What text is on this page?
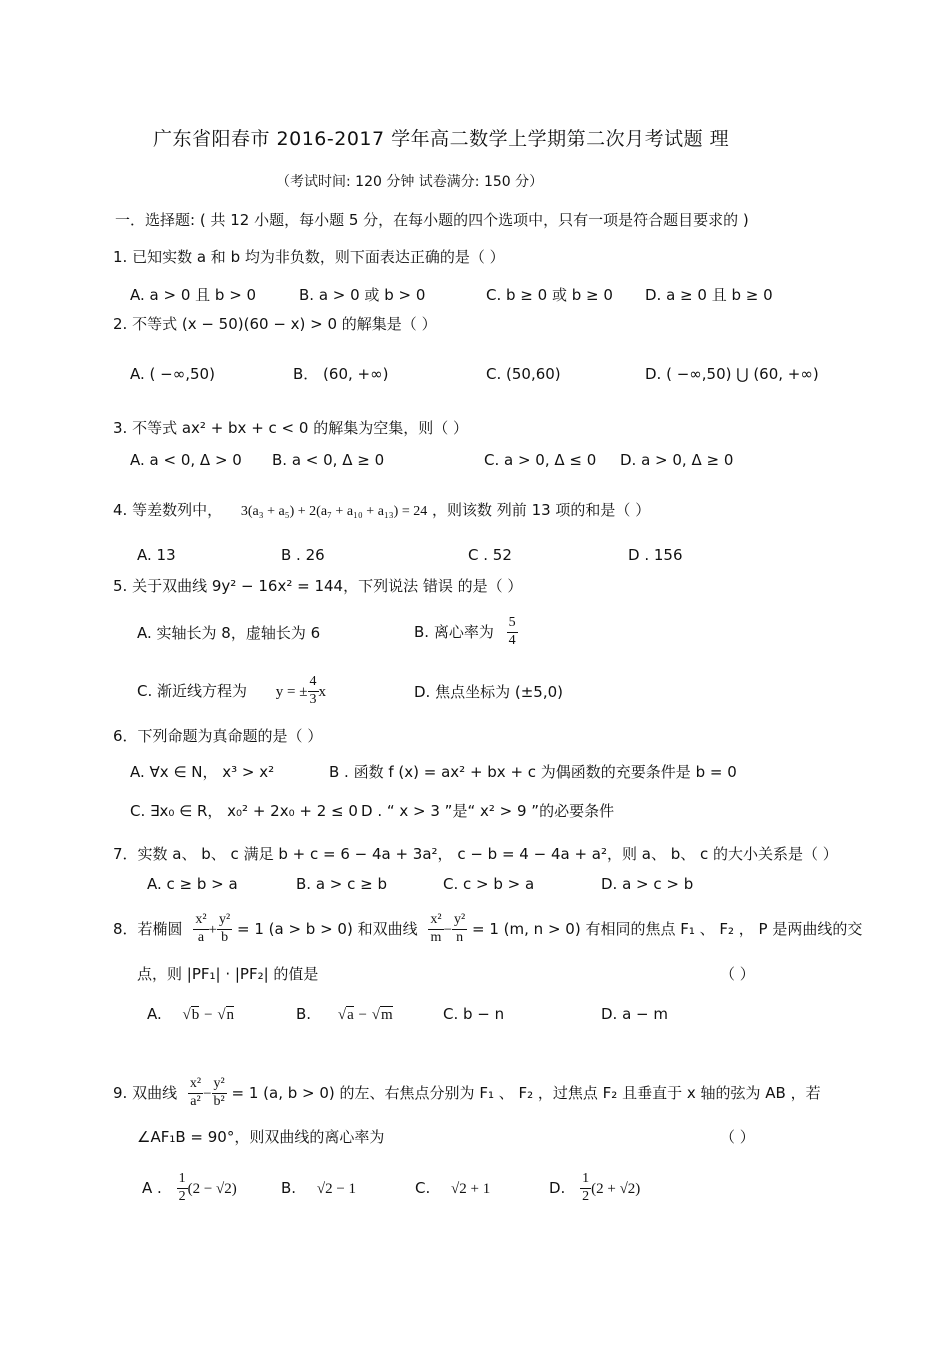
广东省阳春市 2016-2017 学年高二数学上学期第二次月考试题 理
（考试时间: 120 分钟 试卷满分: 150 分）
一．选择题: ( 共 12 小题，每小题 5 分，在每小题的四个选项中，只有一项是符合题目要求的 )
1. 已知实数 a 和 b 均为非负数，则下面表达正确的是（ ）
A. a > 0 且 b > 0	B. a > 0 或 b > 0	C. b ≥ 0 或 b ≥ 0 D. a ≥ 0 且 b ≥ 0
2. 不等式 (x − 50)(60 − x) > 0 的解集是（ ）
A. ( −∞,50)	B． (60, +∞)	C. (50,60)	D. ( −∞,50) ⋃ (60, +∞)
3. 不等式 ax² + bx + c < 0 的解集为空集，则（ ）
A. a < 0, Δ > 0 B. a < 0, Δ ≥ 0	C. a > 0, Δ ≤ 0 D. a > 0, Δ ≥ 0
4. 等差数列中， 3(a₃ + a₅) + 2(a₇ + a₁₀ + a₁₃) = 24 ，则该数 列前 13 项的和是（ ）
A. 13	B . 26	C . 52	D . 156
5. 关于双曲线 9y² − 16x² = 144，下列说法 错误 的是（ ）
A. 实轴长为 8，虚轴长为 6	B. 离心率为 $\frac{5}{4}$
C. 渐近线方程为 y = ± $\frac{4}{3}$ x	D. 焦点坐标为 (±5,0)
6．下列命题为真命题的是（ ）
A. ∀x ∈ N， x³ > x²	B . 函数 f (x) = ax² + bx + c 为偶函数的充要条件是 b = 0
C. ∃x₀ ∈ R， x₀² + 2x₀ + 2 ≤ 0 D . “ x > 3 ”是“ x² > 9 ”的必要条件
7．实数 a、 b、 c 满足 b + c = 6 − 4a + 3a²， c − b = 4 − 4a + a²，则 a、 b、 c 的大小关系是（ ）
A. c ≥ b > a	B. a > c ≥ b	C. c > b > a	D. a > c > b
8．若椭圆 $\frac{\text{x²}}{a} + \frac{\text{y²}}{b} = 1$ (a > b > 0) 和双曲线 $\frac{\text{x²}}{m} - \frac{\text{y²}}{n} = 1$ (m, n > 0) 有相同的焦点 F₁ 、 F₂ ， P 是两曲线的交
点，则 |PF₁| · |PF₂| 的值是	（ ）
A. √b − √n	B. √a − √m	C. b − n	D. a − m
9. 双曲线 $\frac{\text{x²}}{\text{a²}} - \frac{\text{y²}}{\text{b²}} = 1$ (a, b > 0) 的左、右焦点分别为 F₁ 、 F₂ ，过焦点 F₂ 且垂直于 x 轴的弦为 AB ，若
∠AF₁B = 90°，则双曲线的离心率为	（ ）
A . $\frac{1}{2} (2 - √2)$	B. √2 − 1	C. √2 + 1	D. $\frac{1}{2} (2 + √2)$
